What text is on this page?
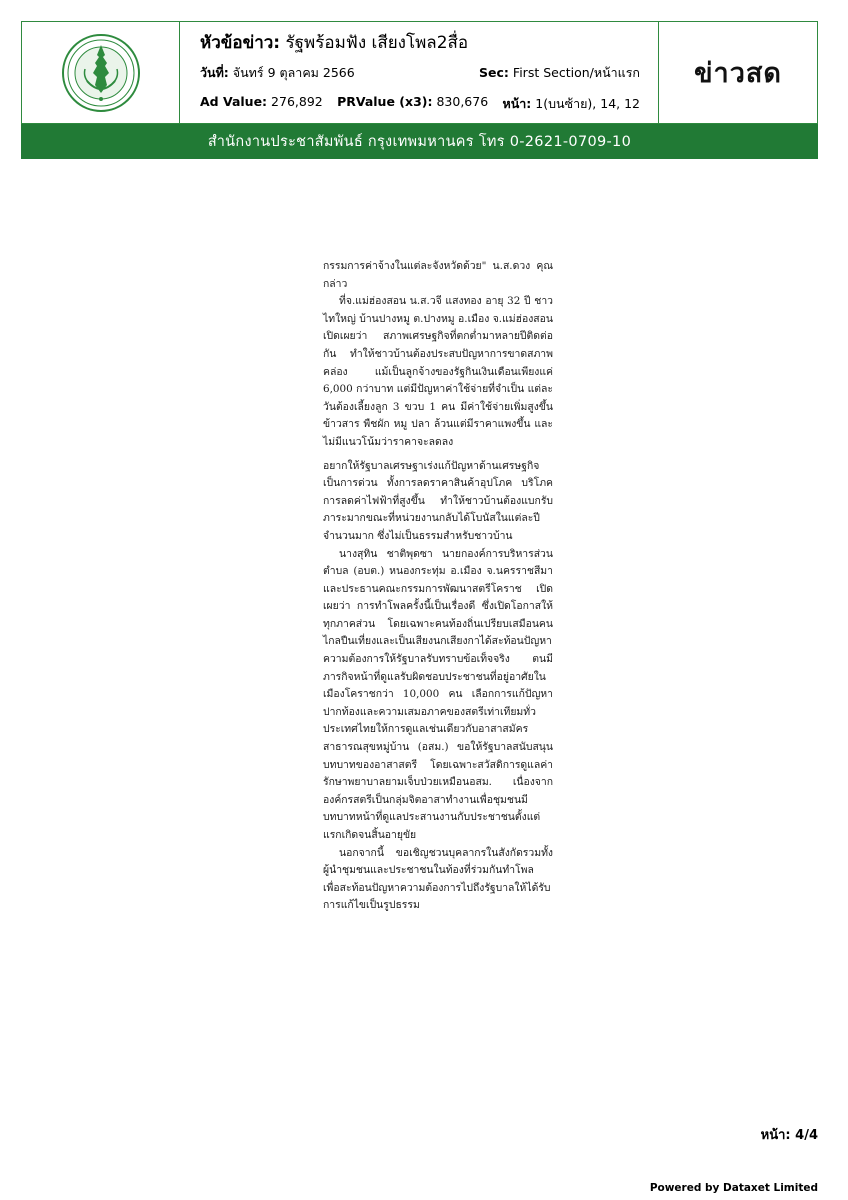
หัวข้อข่าว: รัฐพร้อมฟัง เสียงโพล2สื่อ
วันที่: จันทร์ 9 ตุลาคม 2566	Sec: First Section/หน้าแรก
Ad Value: 276,892 PRValue (x3): 830,676 หน้า: 1(บนซ้าย), 14, 12
ข่าวสด
สำนักงานประชาสัมพันธ์ กรุงเทพมหานคร โทร 0-2621-0709-10

กรรมการค่าจ้างในแต่ละจังหวัดด้วย" น.ส.ดวง คุณกล่าว

ที่จ.แม่ฮ่องสอน น.ส.วจี แสงทอง อายุ 32 ปี ชาวไทใหญ่ บ้านปางหมู ต.ปางหมู อ.เมือง จ.แม่ฮ่องสอน เปิดเผยว่า สภาพเศรษฐกิจที่ตกต่ำมาหลายปีติดต่อกัน ทำให้ชาวบ้านต้องประสบปัญหาการขาดสภาพคล่อง แม้เป็นลูกจ้างของรัฐกินเงินเดือนเพียงแค่ 6,000 กว่าบาท แต่มีปัญหาค่าใช้จ่ายที่จำเป็น แต่ละวันต้องเลี้ยงลูก 3 ขวบ 1 คน มีค่าใช้จ่ายเพิ่มสูงขึ้น ข้าวสาร พืชผัก หมู ปลา ล้วนแต่มีราคาแพงขึ้น และไม่มีแนวโน้มว่าราคาจะลดลง

อยากให้รัฐบาลเศรษฐาเร่งแก้ปัญหาด้านเศรษฐกิจเป็นการด่วน ทั้งการลดราคาสินค้าอุปโภค บริโภค การลดค่าไฟฟ้าที่สูงขึ้น ทำให้ชาวบ้านต้องแบกรับภาระมากขณะที่หน่วยงานกลับได้โบนัสในแต่ละปีจำนวนมาก ซึ่งไม่เป็นธรรมสำหรับชาวบ้าน

นางสุทิน ชาติพุดซา นายกองค์การบริหารส่วนตำบล (อบต.) หนองกระทุ่ม อ.เมือง จ.นครราชสีมา และประธานคณะกรรมการพัฒนาสตรีโคราช เปิดเผยว่า การทำโพลครั้งนี้เป็นเรื่องดี ซึ่งเปิดโอกาสให้ทุกภาคส่วน โดยเฉพาะคนท้องถิ่นเปรียบเสมือนคนไกลปืนเที่ยงและเป็นเสียงนกเสียงกาได้สะท้อนปัญหาความต้องการให้รัฐบาลรับทราบข้อเท็จจริง ตนมีภารกิจหน้าที่ดูแลรับผิดชอบประชาชนที่อยู่อาศัยในเมืองโคราชกว่า 10,000 คน เลือกการแก้ปัญหาปากท้องและความเสมอภาคของสตรีเท่าเทียมทั่วประเทศไทยให้การดูแลเช่นเดียวกับอาสาสมัครสาธารณสุขหมู่บ้าน (อสม.) ขอให้รัฐบาลสนับสนุนบทบาทของอาสาสตรี โดยเฉพาะสวัสดิการดูแลค่ารักษาพยาบาลยามเจ็บป่วยเหมือนอสม. เนื่องจากองค์กรสตรีเป็นกลุ่มจิตอาสาทำงานเพื่อชุมชนมีบทบาทหน้าที่ดูแลประสานงานกับประชาชนตั้งแต่แรกเกิดจนสิ้นอายุขัย

นอกจากนี้ ขอเชิญชวนบุคลากรในสังกัดรวมทั้งผู้นำชุมชนและประชาชนในท้องที่ร่วมกันทำโพล เพื่อสะท้อนปัญหาความต้องการไปถึงรัฐบาลให้ได้รับการแก้ไขเป็นรูปธรรม

หน้า: 4/4
Powered by Dataxet Limited
